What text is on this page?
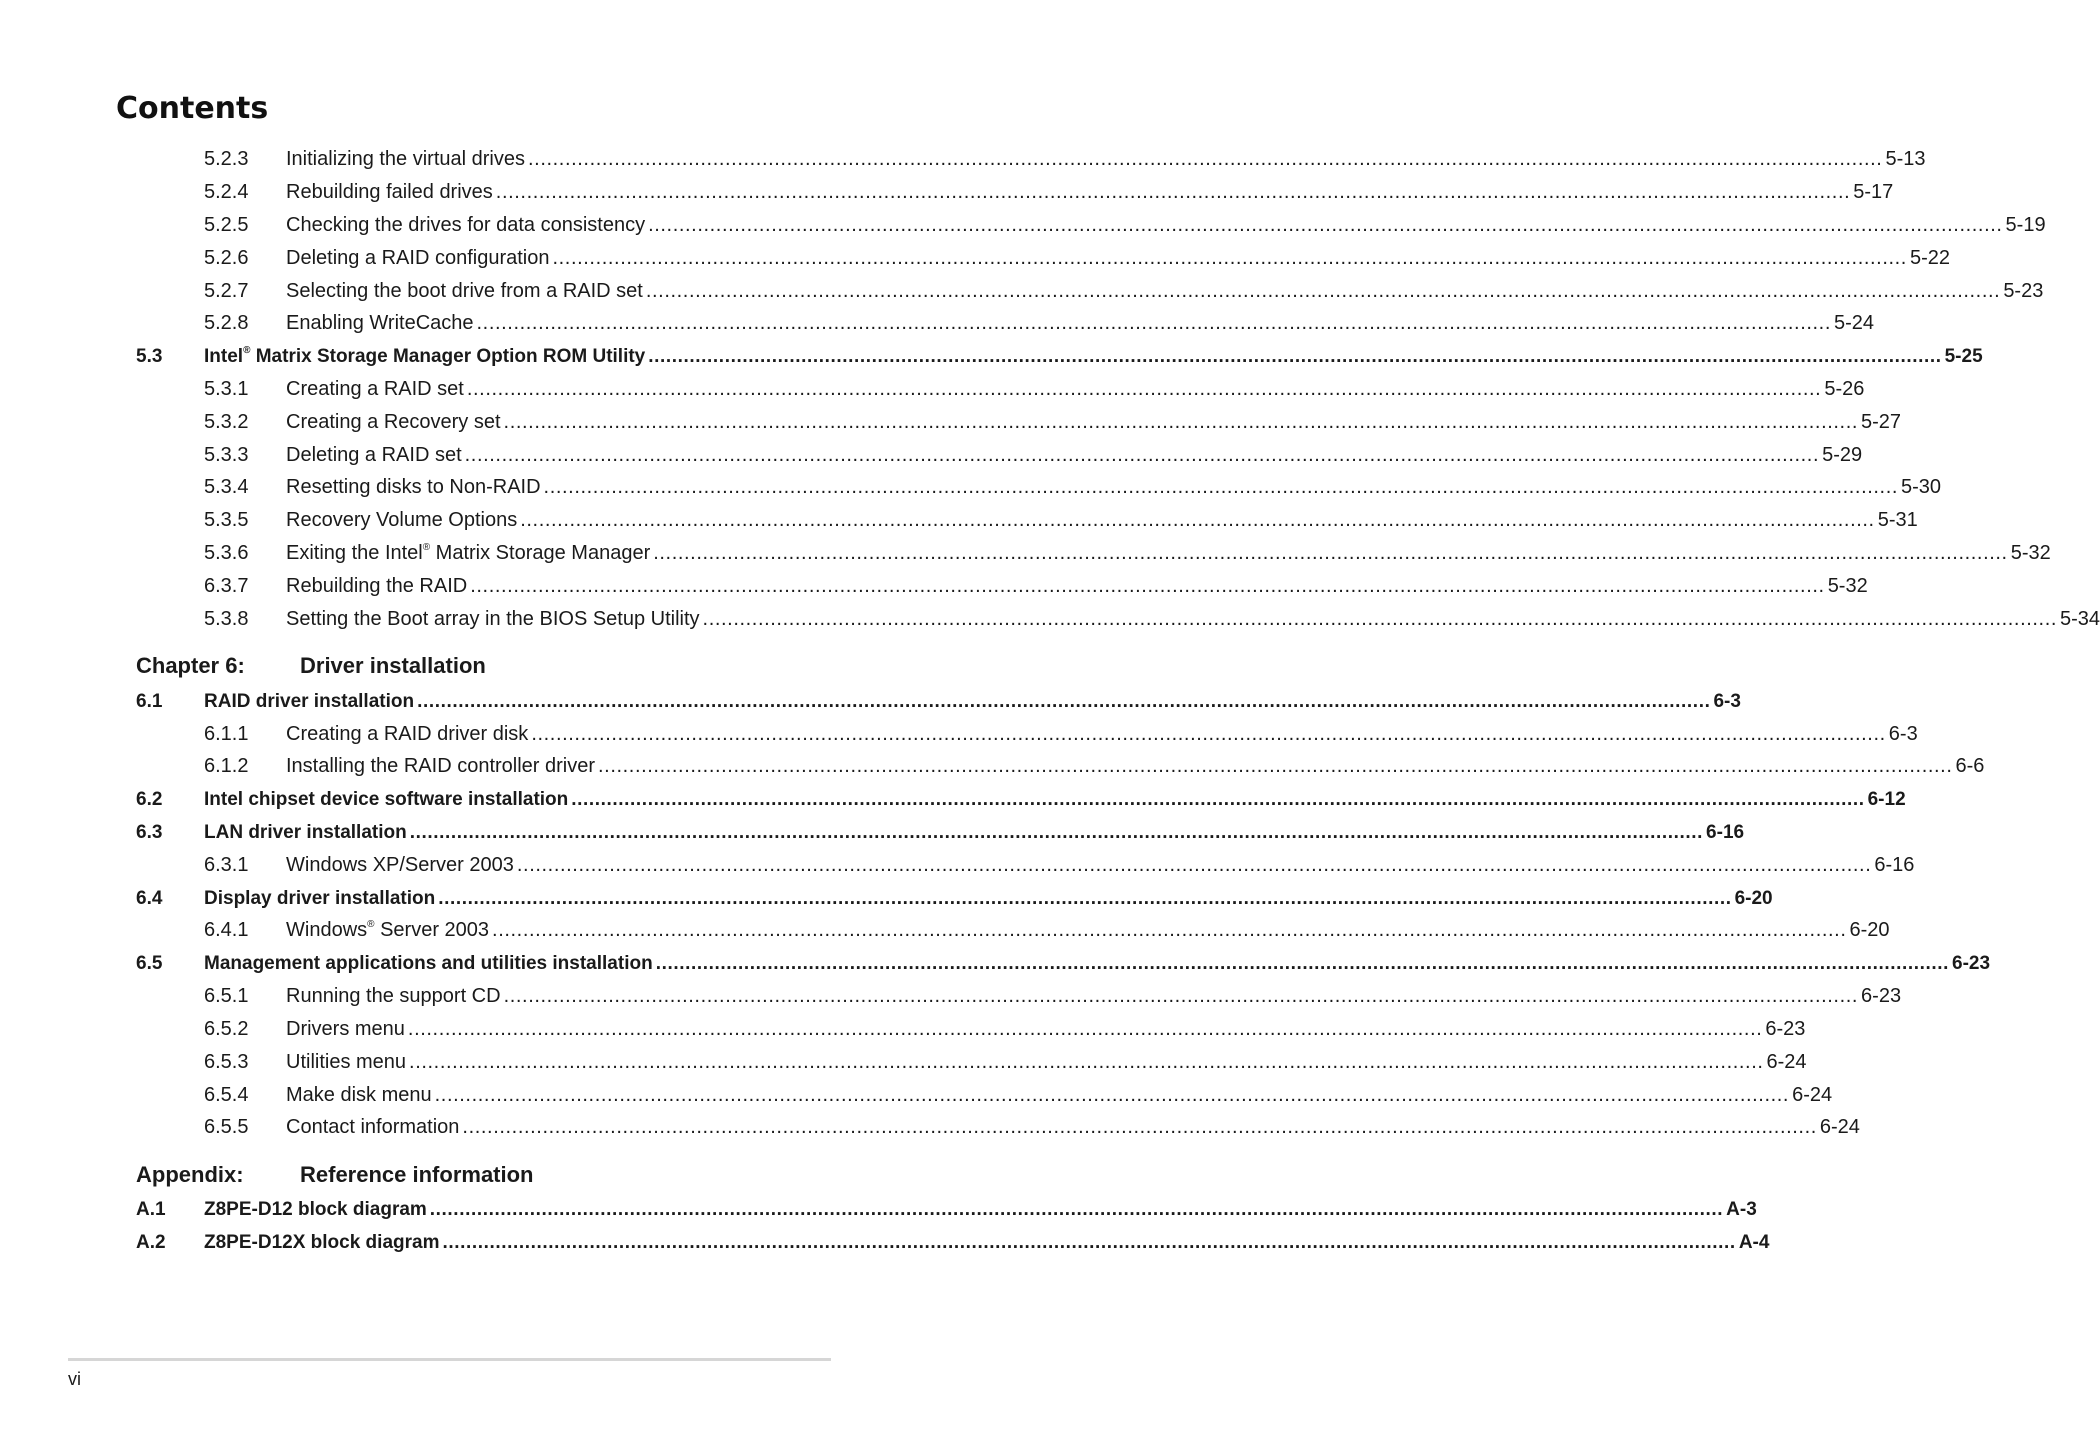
Contents
5.2.3 Initializing the virtual drives ............................................................................................................................................................................................................................ 5-13
5.2.4 Rebuilding failed drives ............................................................................................................................................................................................................................ 5-17
5.2.5 Checking the drives for data consistency ............................................................................................................................................................................................................................ 5-19
5.2.6 Deleting a RAID configuration ............................................................................................................................................................................................................................ 5-22
5.2.7 Selecting the boot drive from a RAID set ............................................................................................................................................................................................................................ 5-23
5.2.8 Enabling WriteCache ............................................................................................................................................................................................................................ 5-24
5.3 Intel® Matrix Storage Manager Option ROM Utility ............................................................................................................................................................................................................................ 5-25
5.3.1 Creating a RAID set ............................................................................................................................................................................................................................ 5-26
5.3.2 Creating a Recovery set ............................................................................................................................................................................................................................ 5-27
5.3.3 Deleting a RAID set ............................................................................................................................................................................................................................ 5-29
5.3.4 Resetting disks to Non-RAID ............................................................................................................................................................................................................................ 5-30
5.3.5 Recovery Volume Options ............................................................................................................................................................................................................................ 5-31
5.3.6 Exiting the Intel® Matrix Storage Manager ............................................................................................................................................................................................................................ 5-32
6.3.7 Rebuilding the RAID ............................................................................................................................................................................................................................ 5-32
5.3.8 Setting the Boot array in the BIOS Setup Utility ............................................................................................................................................................................................................................ 5-34
Chapter 6:	Driver installation
6.1 RAID driver installation ............................................................................................................................................................................................................................ 6-3
6.1.1 Creating a RAID driver disk ............................................................................................................................................................................................................................ 6-3
6.1.2 Installing the RAID controller driver ............................................................................................................................................................................................................................ 6-6
6.2 Intel chipset device software installation ............................................................................................................................................................................................................................ 6-12
6.3 LAN driver installation ............................................................................................................................................................................................................................ 6-16
6.3.1 Windows XP/Server 2003 ............................................................................................................................................................................................................................ 6-16
6.4 Display driver installation ............................................................................................................................................................................................................................ 6-20
6.4.1 Windows® Server 2003 ............................................................................................................................................................................................................................ 6-20
6.5 Management applications and utilities installation ............................................................................................................................................................................................................................ 6-23
6.5.1 Running the support CD ............................................................................................................................................................................................................................ 6-23
6.5.2 Drivers menu ............................................................................................................................................................................................................................ 6-23
6.5.3 Utilities menu ............................................................................................................................................................................................................................ 6-24
6.5.4 Make disk menu ............................................................................................................................................................................................................................ 6-24
6.5.5 Contact information ............................................................................................................................................................................................................................ 6-24
Appendix:	Reference information
A.1 Z8PE-D12 block diagram ............................................................................................................................................................................................................................ A-3
A.2 Z8PE-D12X block diagram ............................................................................................................................................................................................................................ A-4
vi
